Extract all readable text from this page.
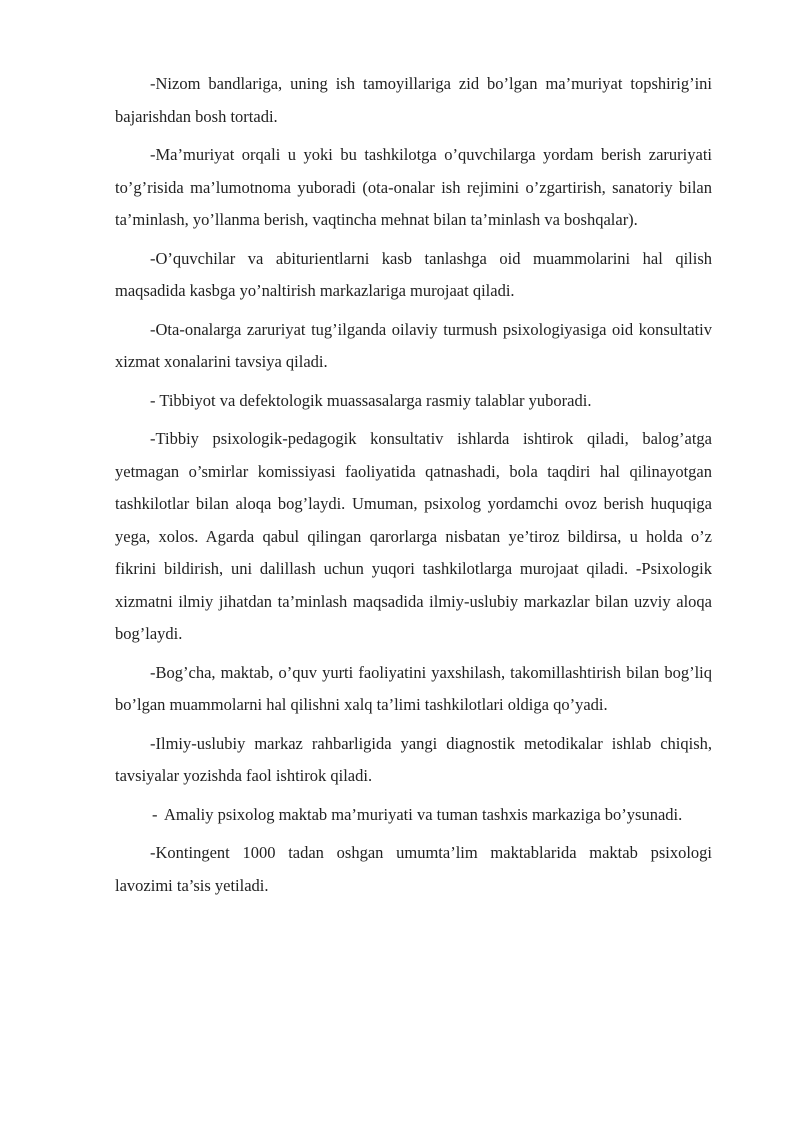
-Nizom bandlariga, uning ish tamoyillariga zid bo’lgan ma’muriyat topshirig’ini bajarishdan bosh tortadi.

-Ma’muriyat orqali u yoki bu tashkilotga o’quvchilarga yordam berish zaruriyati to’g’risida ma’lumotnoma yuboradi (ota-onalar ish rejimini o’zgartirish, sanatoriy bilan ta’minlash, yo’llanma berish, vaqtincha mehnat bilan ta’minlash va boshqalar).

-O’quvchilar va abiturientlarni kasb tanlashga oid muammolarini hal qilish maqsadida kasbga yo’naltirish markazlariga murojaat qiladi.

-Ota-onalarga zaruriyat tug’ilganda oilaviy turmush psixologiyasiga oid konsultativ xizmat xonalarini tavsiya qiladi.

- Tibbiyot va defektologik muassasalarga rasmiy talablar yuboradi.

-Tibbiy psixologik-pedagogik konsultativ ishlarda ishtirok qiladi, balog’atga yetmagan o’smirlar komissiyasi faoliyatida qatnashadi, bola taqdiri hal qilinayotgan tashkilotlar bilan aloqa bog’laydi. Umuman, psixolog yordamchi ovoz berish huquqiga yega, xolos. Agarda qabul qilingan qarorlarga nisbatan ye’tiroz bildirsa, u holda o’z fikrini bildirish, uni dalillash uchun yuqori tashkilotlarga murojaat qiladi. -Psixologik xizmatni ilmiy jihatdan ta’minlash maqsadida ilmiy-uslubiy markazlar bilan uzviy aloqa bog’laydi.

-Bog’cha, maktab, o’quv yurti faoliyatini yaxshilash, takomillashtirish bilan bog’liq bo’lgan muammolarni hal qilishni xalq ta’limi tashkilotlari oldiga qo’yadi.

-Ilmiy-uslubiy markaz rahbarligida yangi diagnostik metodikalar ishlab chiqish, tavsiyalar yozishda faol ishtirok qiladi.

- Amaliy psixolog maktab ma’muriyati va tuman tashxis markaziga bo’ysunadi.

-Kontingent 1000 tadan oshgan umumta’lim maktablarida maktab psixologi lavozimi ta’sis yetiladi.
